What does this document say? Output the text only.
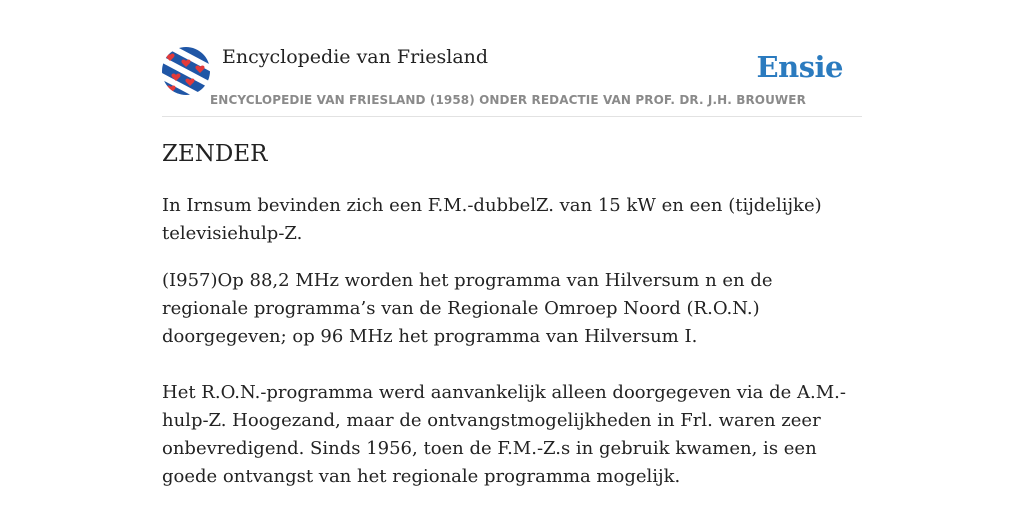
Encyclopedie van Friesland	Ensie
ENCYCLOPEDIE VAN FRIESLAND (1958) ONDER REDACTIE VAN PROF. DR. J.H. BROUWER
ZENDER

In Irnsum bevinden zich een F.M.-dubbelZ. van 15 kW en een (tijdelijke) televisiehulp-Z.

(I957)Op 88,2 MHz worden het programma van Hilversum n en de regionale programma’s van de Regionale Omroep Noord (R.O.N.) doorgegeven; op 96 MHz het programma van Hilversum I.

Het R.O.N.-programma werd aanvankelijk alleen doorgegeven via de A.M.-hulp-Z. Hoogezand, maar de ontvangstmogelijkheden in Frl. waren zeer onbevredigend. Sinds 1956, toen de F.M.-Z.s in gebruik kwamen, is een goede ontvangst van het regionale programma mogelijk.
